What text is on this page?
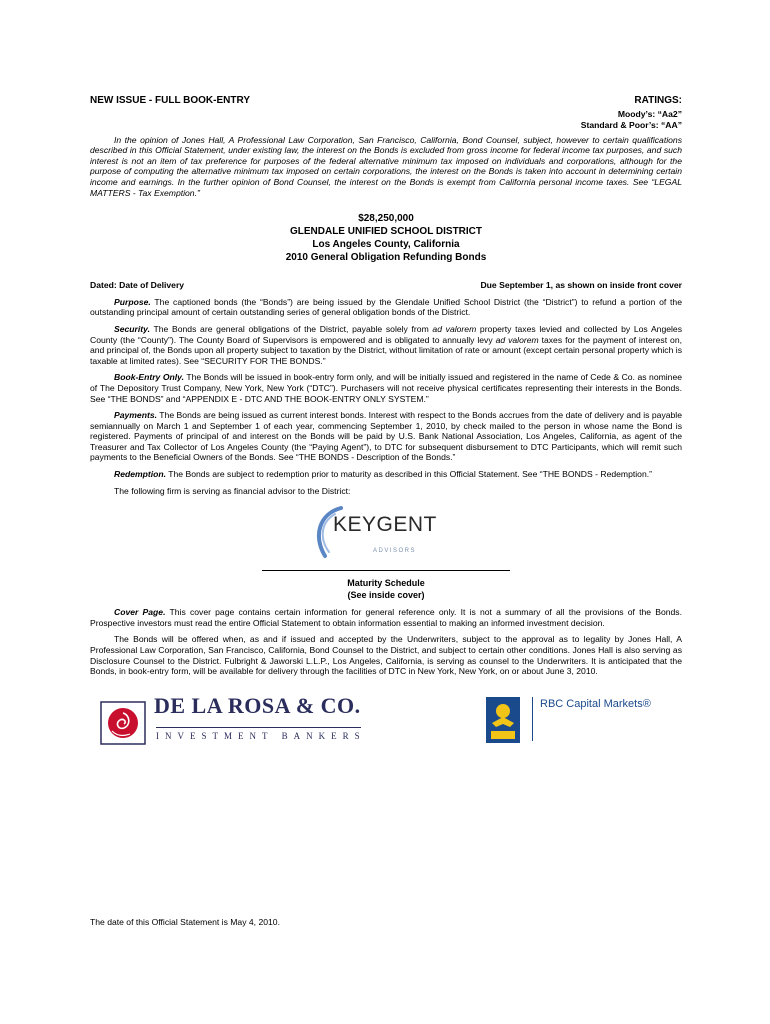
NEW ISSUE - FULL BOOK-ENTRY	RATINGS:
Moody’s: “Aa2”
Standard & Poor’s: “AA”
In the opinion of Jones Hall, A Professional Law Corporation, San Francisco, California, Bond Counsel, subject, however to certain qualifications described in this Official Statement, under existing law, the interest on the Bonds is excluded from gross income for federal income tax purposes, and such interest is not an item of tax preference for purposes of the federal alternative minimum tax imposed on individuals and corporations, although for the purpose of computing the alternative minimum tax imposed on certain corporations, the interest on the Bonds is taken into account in determining certain income and earnings. In the further opinion of Bond Counsel, the interest on the Bonds is exempt from California personal income taxes. See “LEGAL MATTERS - Tax Exemption.”
$28,250,000
GLENDALE UNIFIED SCHOOL DISTRICT
Los Angeles County, California
2010 General Obligation Refunding Bonds
Dated: Date of Delivery	Due September 1, as shown on inside front cover

Purpose. The captioned bonds (the “Bonds”) are being issued by the Glendale Unified School District (the “District”) to refund a portion of the outstanding principal amount of certain outstanding series of general obligation bonds of the District.

Security. The Bonds are general obligations of the District, payable solely from ad valorem property taxes levied and collected by Los Angeles County (the “County”). The County Board of Supervisors is empowered and is obligated to annually levy ad valorem taxes for the payment of interest on, and principal of, the Bonds upon all property subject to taxation by the District, without limitation of rate or amount (except certain personal property which is taxable at limited rates). See “SECURITY FOR THE BONDS.”

Book-Entry Only. The Bonds will be issued in book-entry form only, and will be initially issued and registered in the name of Cede & Co. as nominee of The Depository Trust Company, New York, New York (“DTC”). Purchasers will not receive physical certificates representing their interests in the Bonds. See “THE BONDS” and “APPENDIX E - DTC AND THE BOOK-ENTRY ONLY SYSTEM.”

Payments. The Bonds are being issued as current interest bonds. Interest with respect to the Bonds accrues from the date of delivery and is payable semiannually on March 1 and September 1 of each year, commencing September 1, 2010, by check mailed to the person in whose name the Bond is registered. Payments of principal of and interest on the Bonds will be paid by U.S. Bank National Association, Los Angeles, California, as agent of the Treasurer and Tax Collector of Los Angeles County (the “Paying Agent”), to DTC for subsequent disbursement to DTC Participants, which will remit such payments to the Beneficial Owners of the Bonds. See “THE BONDS - Description of the Bonds.”

Redemption. The Bonds are subject to redemption prior to maturity as described in this Official Statement. See “THE BONDS - Redemption.”

The following firm is serving as financial advisor to the District:
KEYGENT
ADVISORS
Maturity Schedule
(See inside cover)

Cover Page. This cover page contains certain information for general reference only. It is not a summary of all the provisions of the Bonds. Prospective investors must read the entire Official Statement to obtain information essential to making an informed investment decision.

The Bonds will be offered when, as and if issued and accepted by the Underwriters, subject to the approval as to legality by Jones Hall, A Professional Law Corporation, San Francisco, California, Bond Counsel to the District, and subject to certain other conditions. Jones Hall is also serving as Disclosure Counsel to the District. Fulbright & Jaworski L.L.P., Los Angeles, California, is serving as counsel to the Underwriters. It is anticipated that the Bonds, in book-entry form, will be available for delivery through the facilities of DTC in New York, New York, on or about June 3, 2010.

DE LA ROSA & CO.
INVESTMENT BANKERS
RBC Capital Markets®
The date of this Official Statement is May 4, 2010.
